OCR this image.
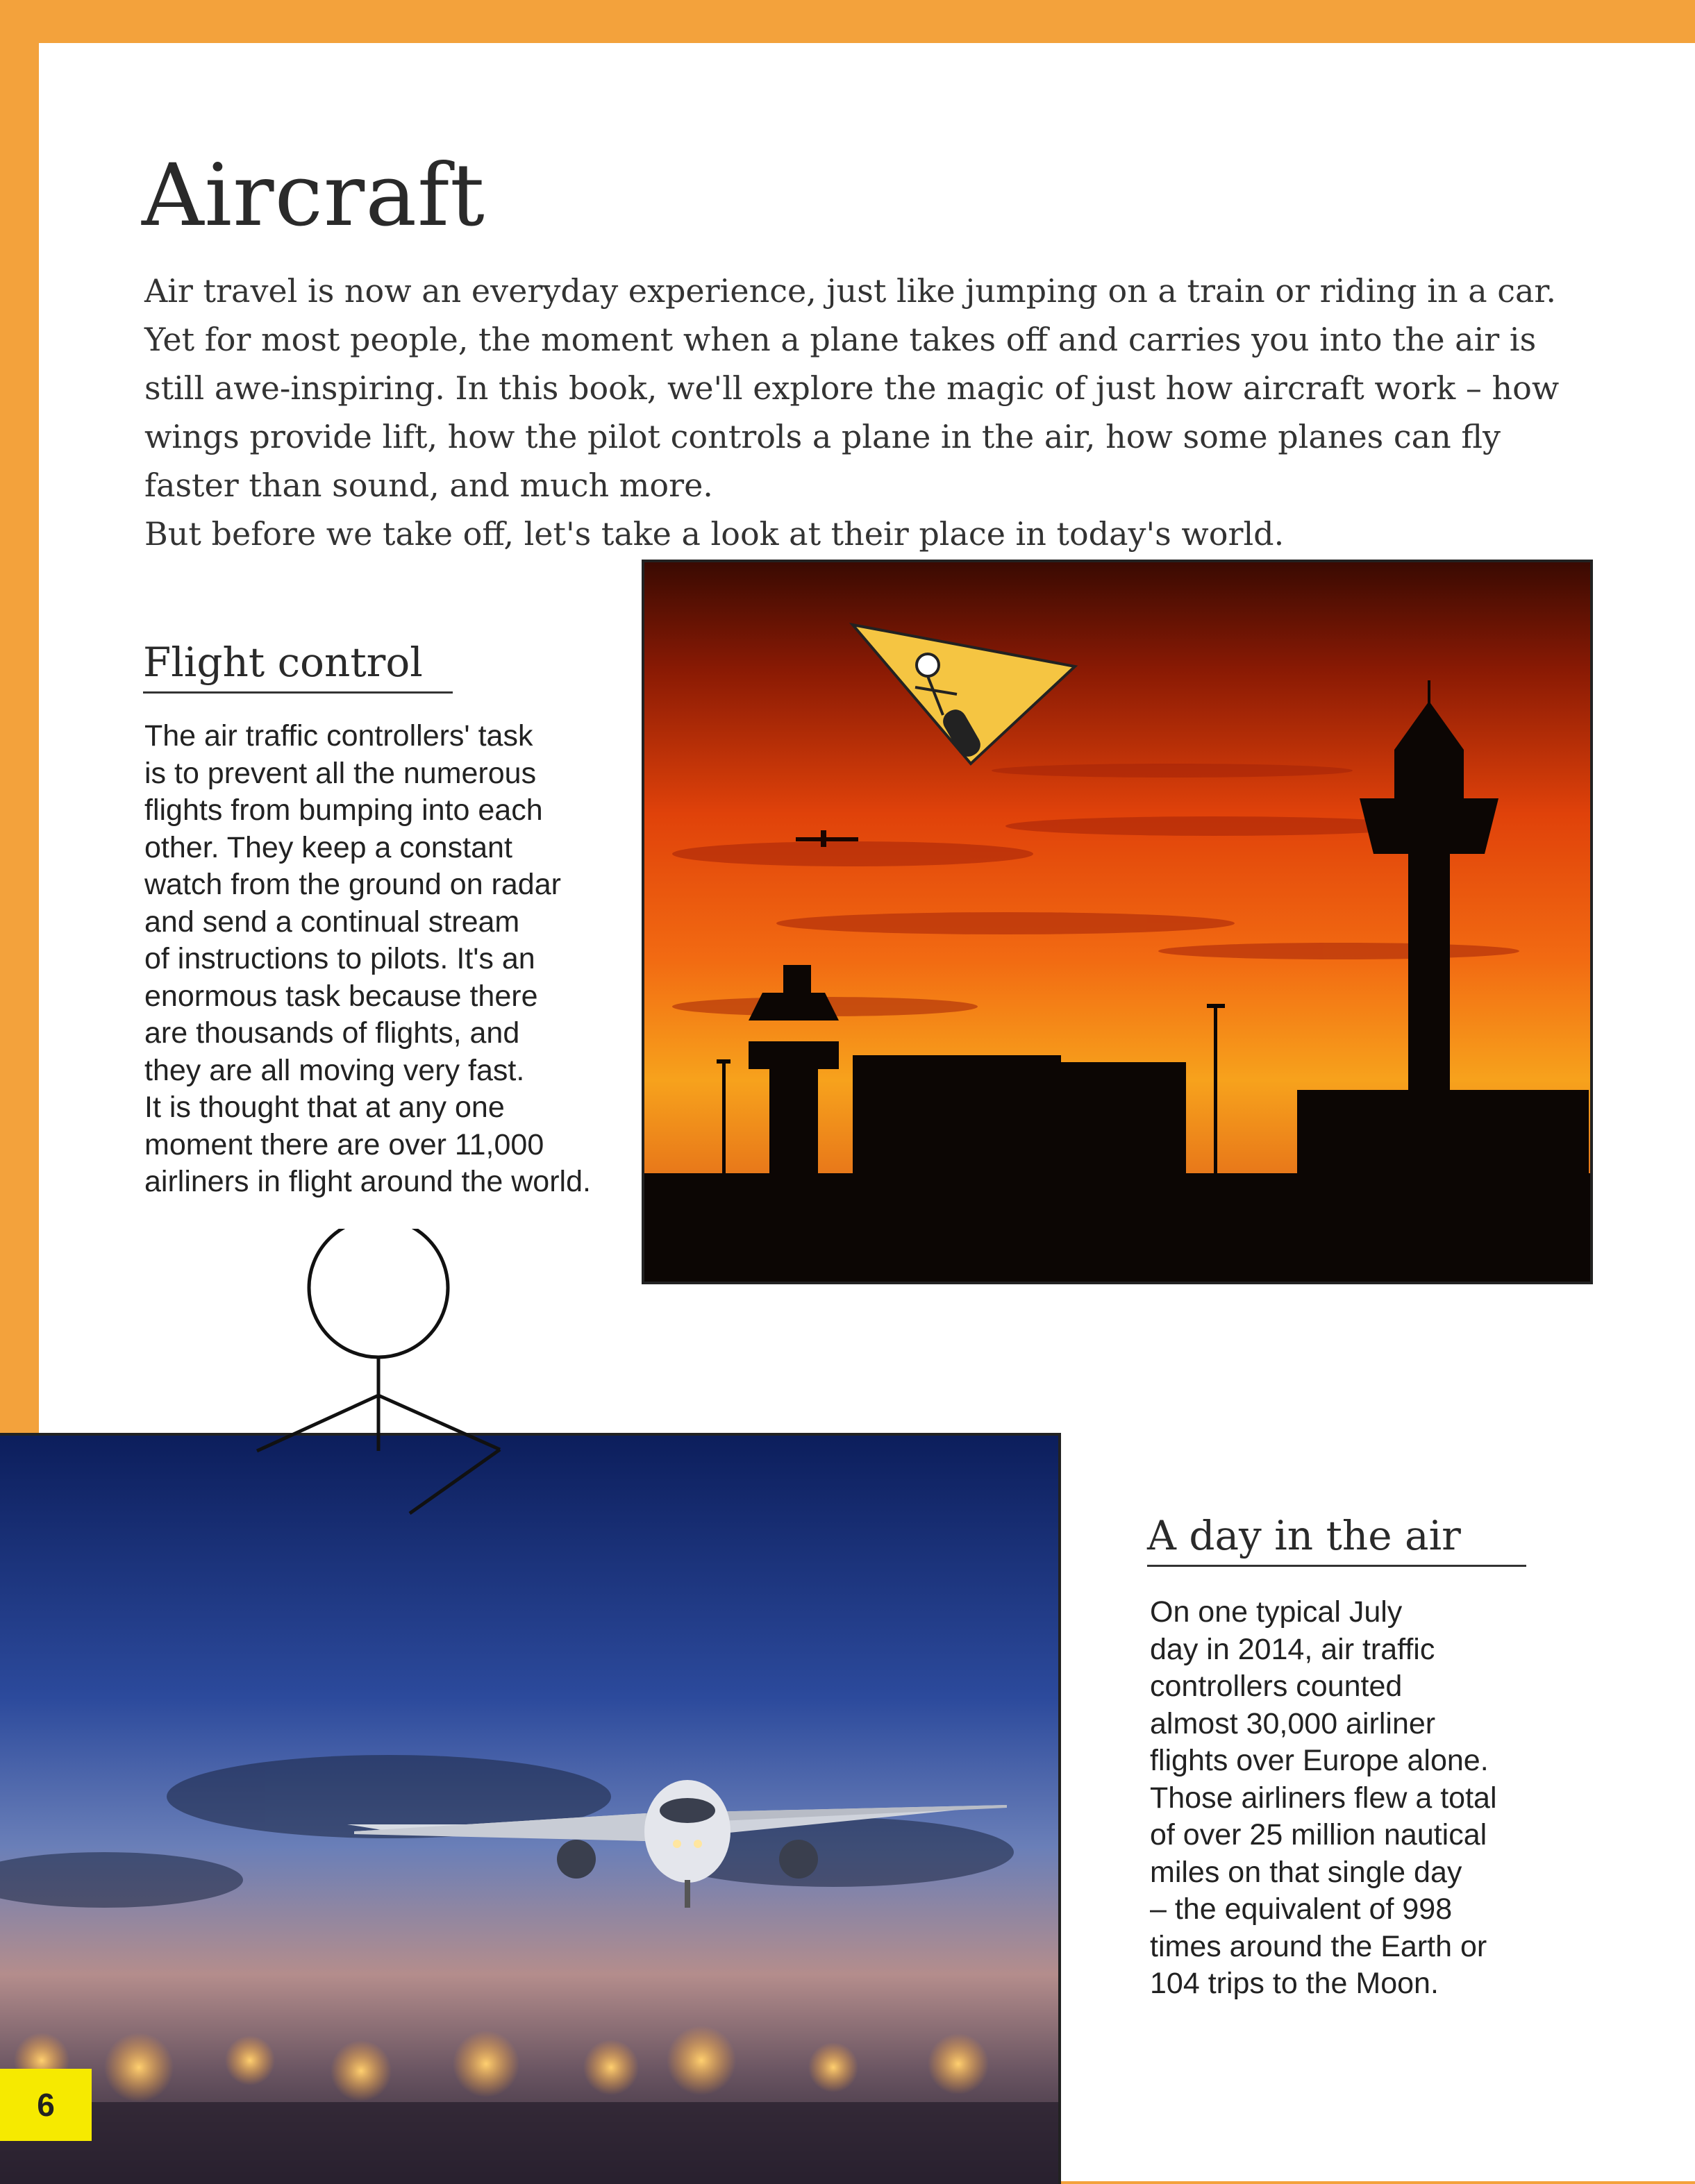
Aircraft

Air travel is now an everyday experience, just like jumping on a train or riding in a car. Yet for most people, the moment when a plane takes off and carries you into the air is still awe-inspiring. In this book, we'll explore the magic of just how aircraft work – how wings provide lift, how the pilot controls a plane in the air, how some planes can fly faster than sound, and much more.

But before we take off, let's take a look at their place in today's world.

Flight control

The air traffic controllers' task
is to prevent all the numerous
flights from bumping into each
other. They keep a constant
watch from the ground on radar
and send a continual stream
of instructions to pilots. It's an
enormous task because there
are thousands of flights, and
they are all moving very fast.
It is thought that at any one
moment there are over 11,000
airliners in flight around the world.

A day in the air

On one typical July
day in 2014, air traffic
controllers counted
almost 30,000 airliner
flights over Europe alone.
Those airliners flew a total
of over 25 million nautical
miles on that single day
– the equivalent of 998
times around the Earth or
104 trips to the Moon.

6
